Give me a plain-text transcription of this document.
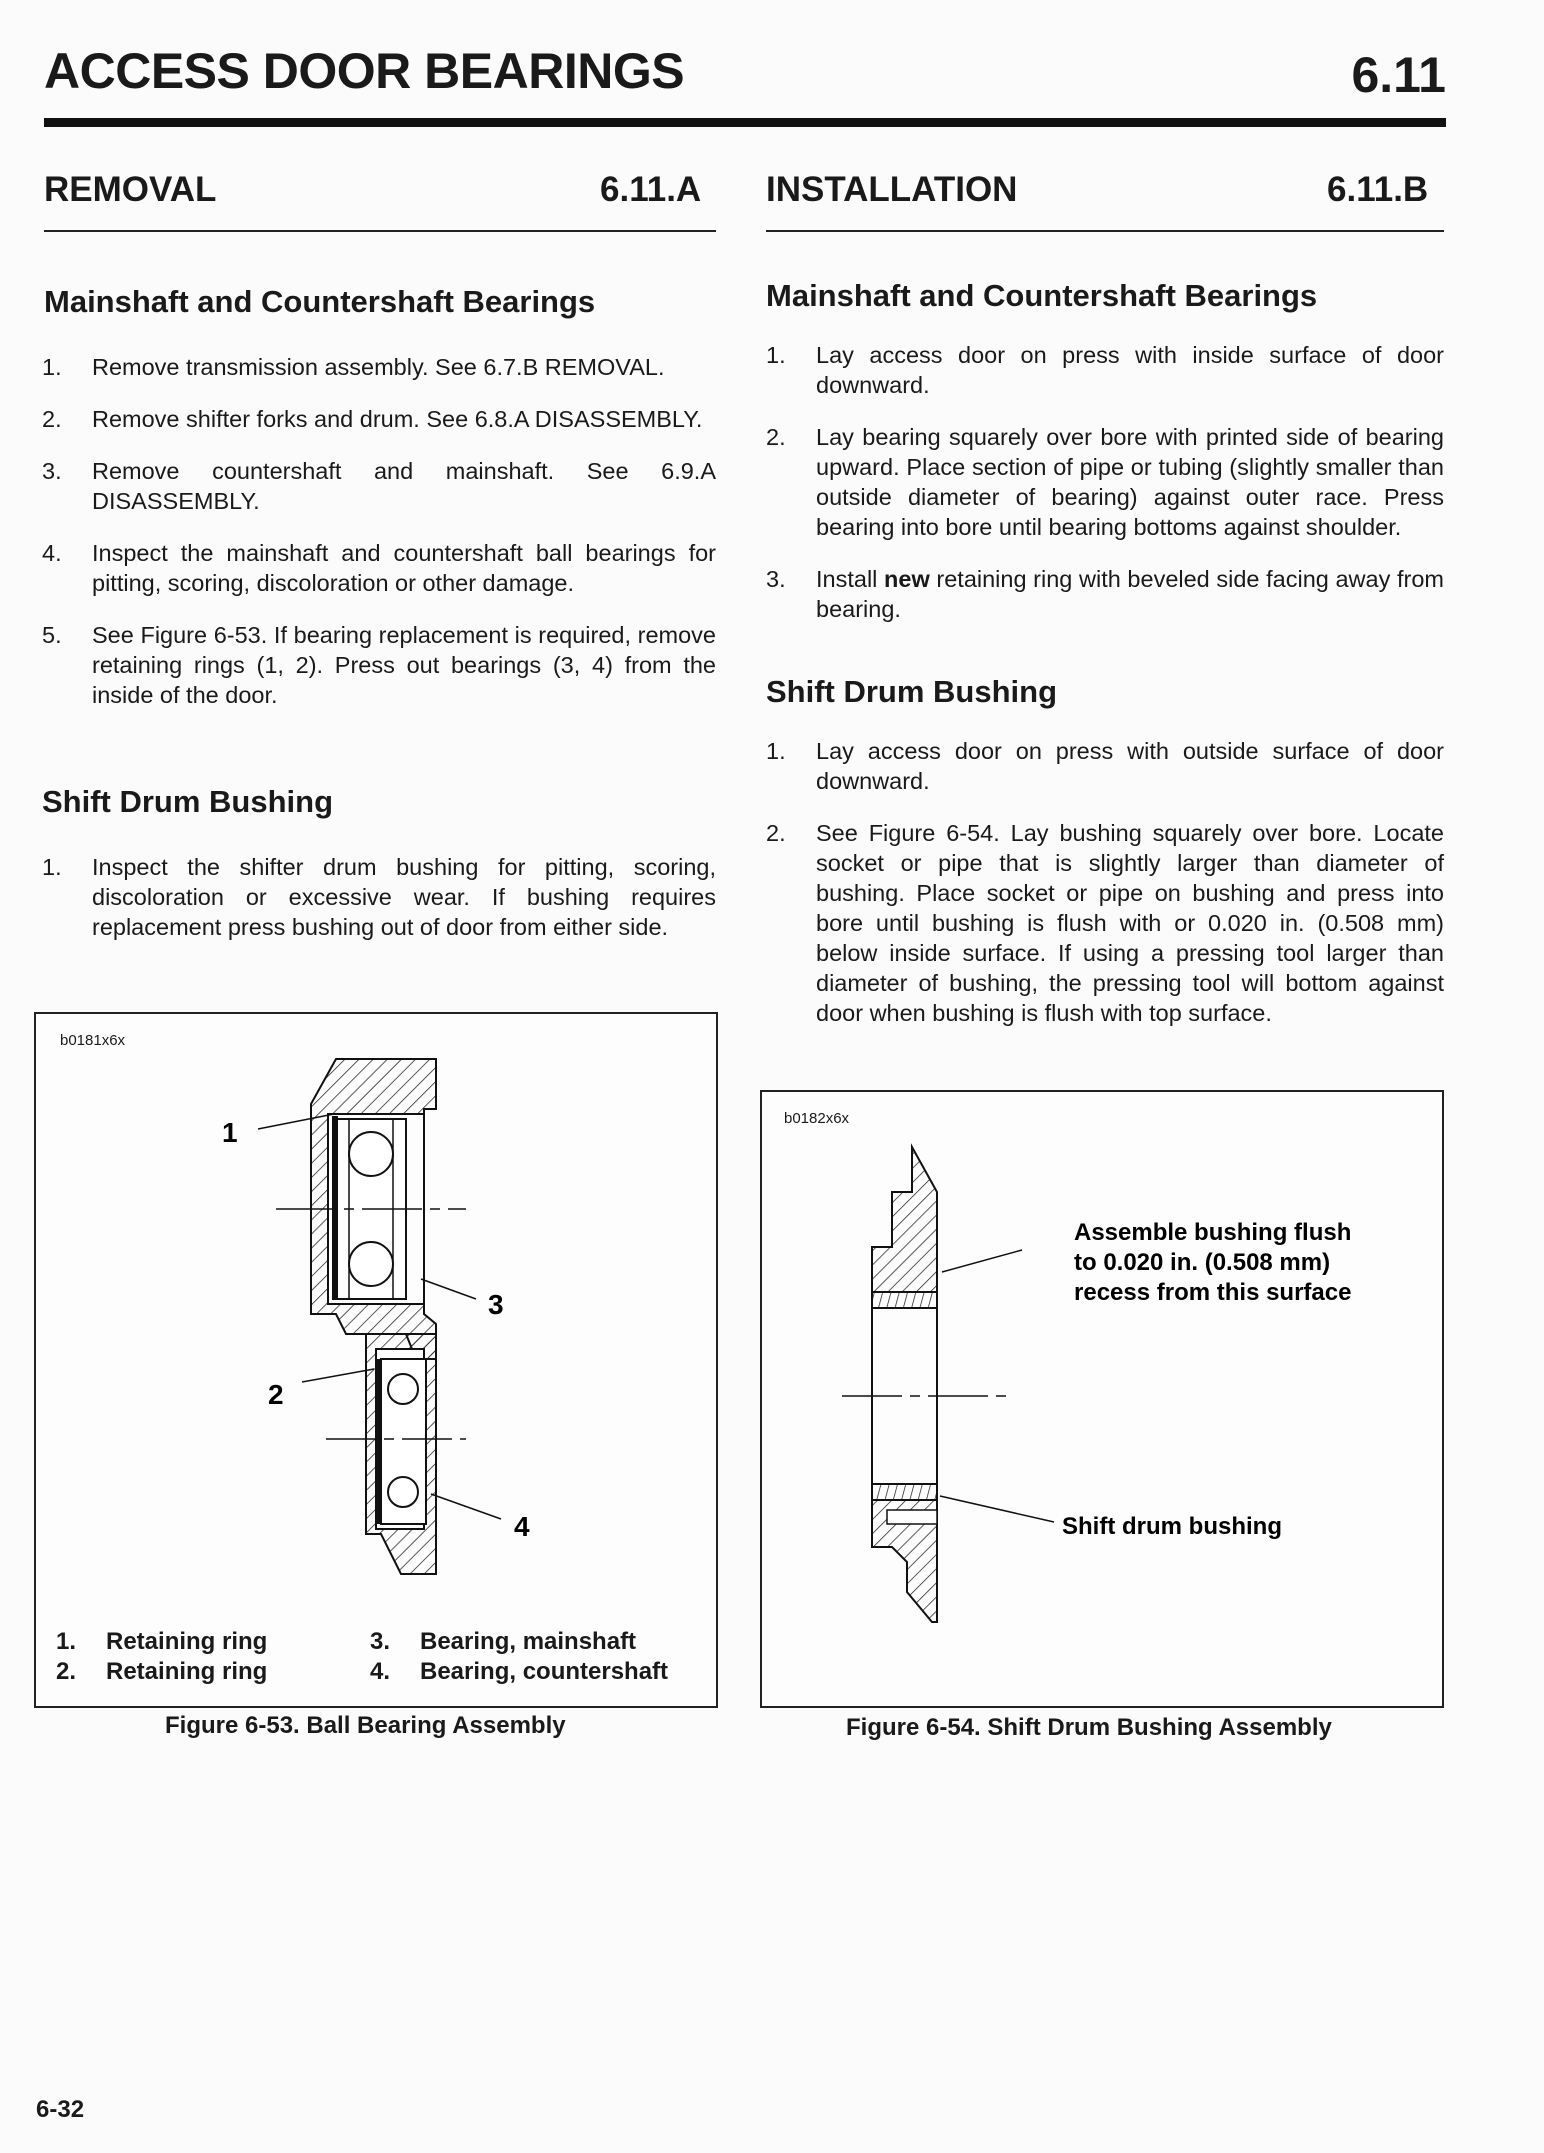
ACCESS DOOR BEARINGS	6.11
REMOVAL	6.11.A
Mainshaft and Countershaft Bearings
1. Remove transmission assembly. See 6.7.B REMOVAL.
2. Remove shifter forks and drum. See 6.8.A DISASSEMBLY.
3. Remove countershaft and mainshaft. See 6.9.A DISASSEMBLY.
4. Inspect the mainshaft and countershaft ball bearings for pitting, scoring, discoloration or other damage.
5. See Figure 6-53. If bearing replacement is required, remove retaining rings (1, 2). Press out bearings (3, 4) from the inside of the door.
Shift Drum Bushing
1. Inspect the shifter drum bushing for pitting, scoring, discoloration or excessive wear. If bushing requires replacement press bushing out of door from either side.
INSTALLATION	6.11.B
Mainshaft and Countershaft Bearings
1. Lay access door on press with inside surface of door downward.
2. Lay bearing squarely over bore with printed side of bearing upward. Place section of pipe or tubing (slightly smaller than outside diameter of bearing) against outer race. Press bearing into bore until bearing bottoms against shoulder.
3. Install new retaining ring with beveled side facing away from bearing.
Shift Drum Bushing
1. Lay access door on press with outside surface of door downward.
2. See Figure 6-54. Lay bushing squarely over bore. Locate socket or pipe that is slightly larger than diameter of bushing. Place socket or pipe on bushing and press into bore until bushing is flush with or 0.020 in. (0.508 mm) below inside surface. If using a pressing tool larger than diameter of bushing, the pressing tool will bottom against door when bushing is flush with top surface.
b0181x6x
1
2
3
4
1. Retaining ring
2. Retaining ring
3. Bearing, mainshaft
4. Bearing, countershaft
Figure 6-53. Ball Bearing Assembly
b0182x6x
Assemble bushing flush
to 0.020 in. (0.508 mm)
recess from this surface
Shift drum bushing
Figure 6-54. Shift Drum Bushing Assembly
6-32
